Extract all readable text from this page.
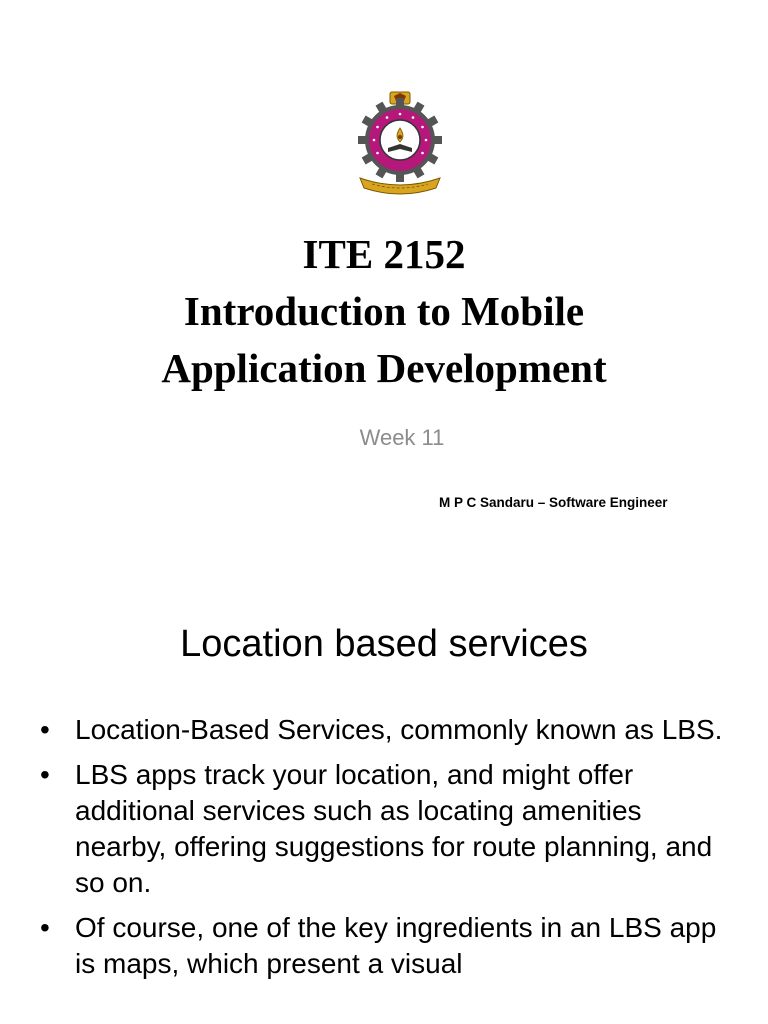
ITE 2152
Introduction to Mobile
Application Development
Week 11
M P C Sandaru – Software Engineer
Location based services
• Location-Based Services, commonly known as LBS.
• LBS apps track your location, and might offer additional services such as locating amenities nearby, offering suggestions for route planning, and so on.
• Of course, one of the key ingredients in an LBS app is maps, which present a visual
